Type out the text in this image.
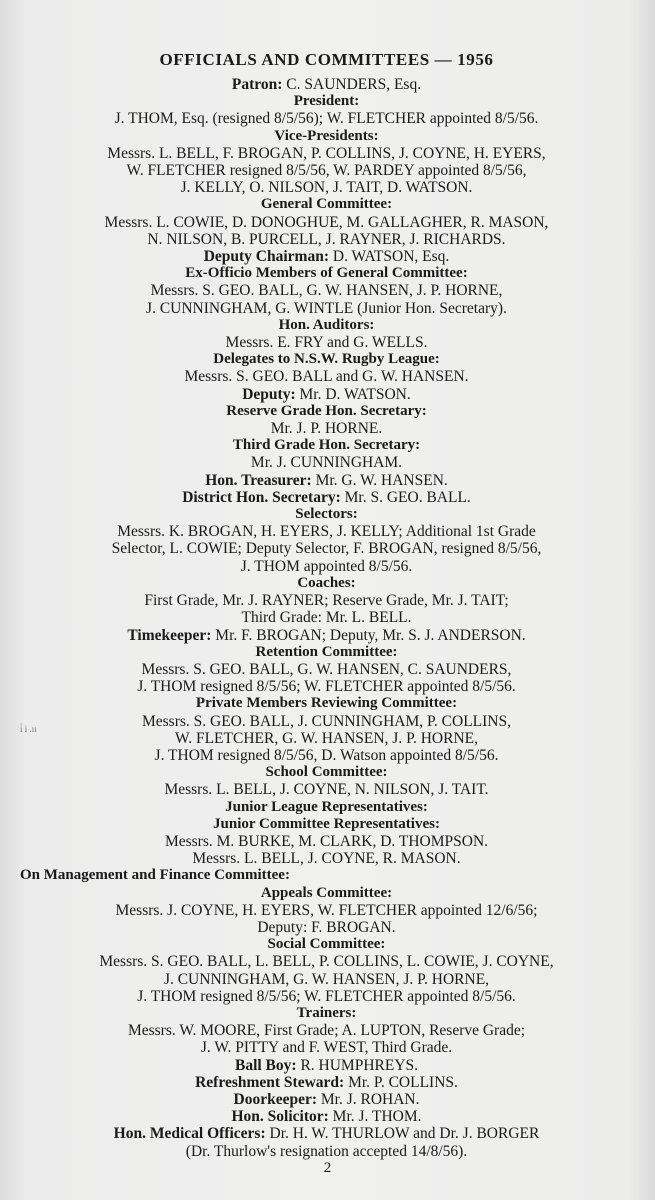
OFFICIALS AND COMMITTEES — 1956
Patron: C. SAUNDERS, Esq.
President:
J. THOM, Esq. (resigned 8/5/56); W. FLETCHER appointed 8/5/56.
Vice-Presidents:
Messrs. L. BELL, F. BROGAN, P. COLLINS, J. COYNE, H. EYERS,
W. FLETCHER resigned 8/5/56, W. PARDEY appointed 8/5/56,
J. KELLY, O. NILSON, J. TAIT, D. WATSON.
General Committee:
Messrs. L. COWIE, D. DONOGHUE, M. GALLAGHER, R. MASON,
N. NILSON, B. PURCELL, J. RAYNER, J. RICHARDS.
Deputy Chairman: D. WATSON, Esq.
Ex-Officio Members of General Committee:
Messrs. S. GEO. BALL, G. W. HANSEN, J. P. HORNE,
J. CUNNINGHAM, G. WINTLE (Junior Hon. Secretary).
Hon. Auditors:
Messrs. E. FRY and G. WELLS.
Delegates to N.S.W. Rugby League:
Messrs. S. GEO. BALL and G. W. HANSEN.
Deputy: Mr. D. WATSON.
Reserve Grade Hon. Secretary:
Mr. J. P. HORNE.
Third Grade Hon. Secretary:
Mr. J. CUNNINGHAM.
Hon. Treasurer: Mr. G. W. HANSEN.
District Hon. Secretary: Mr. S. GEO. BALL.
Selectors:
Messrs. K. BROGAN, H. EYERS, J. KELLY; Additional 1st Grade
Selector, L. COWIE; Deputy Selector, F. BROGAN, resigned 8/5/56,
J. THOM appointed 8/5/56.
Coaches:
First Grade, Mr. J. RAYNER; Reserve Grade, Mr. J. TAIT;
Third Grade: Mr. L. BELL.
Timekeeper: Mr. F. BROGAN; Deputy, Mr. S. J. ANDERSON.
Retention Committee:
Messrs. S. GEO. BALL, G. W. HANSEN, C. SAUNDERS,
J. THOM resigned 8/5/56; W. FLETCHER appointed 8/5/56.
Private Members Reviewing Committee:
Messrs. S. GEO. BALL, J. CUNNINGHAM, P. COLLINS,
W. FLETCHER, G. W. HANSEN, J. P. HORNE,
J. THOM resigned 8/5/56, D. Watson appointed 8/5/56.
School Committee:
Messrs. L. BELL, J. COYNE, N. NILSON, J. TAIT.
Junior League Representatives:
Junior Committee Representatives:
Messrs. M. BURKE, M. CLARK, D. THOMPSON.
Messrs. L. BELL, J. COYNE, R. MASON.
On Management and Finance Committee:
Appeals Committee:
Messrs. J. COYNE, H. EYERS, W. FLETCHER appointed 12/6/56;
Deputy: F. BROGAN.
Social Committee:
Messrs. S. GEO. BALL, L. BELL, P. COLLINS, L. COWIE, J. COYNE,
J. CUNNINGHAM, G. W. HANSEN, J. P. HORNE,
J. THOM resigned 8/5/56; W. FLETCHER appointed 8/5/56.
Trainers:
Messrs. W. MOORE, First Grade; A. LUPTON, Reserve Grade;
J. W. PITTY and F. WEST, Third Grade.
Ball Boy: R. HUMPHREYS.
Refreshment Steward: Mr. P. COLLINS.
Doorkeeper: Mr. J. ROHAN.
Hon. Solicitor: Mr. J. THOM.
Hon. Medical Officers: Dr. H. W. THURLOW and Dr. J. BORGER
(Dr. Thurlow's resignation accepted 14/8/56).
i̇ i .ıı
2
